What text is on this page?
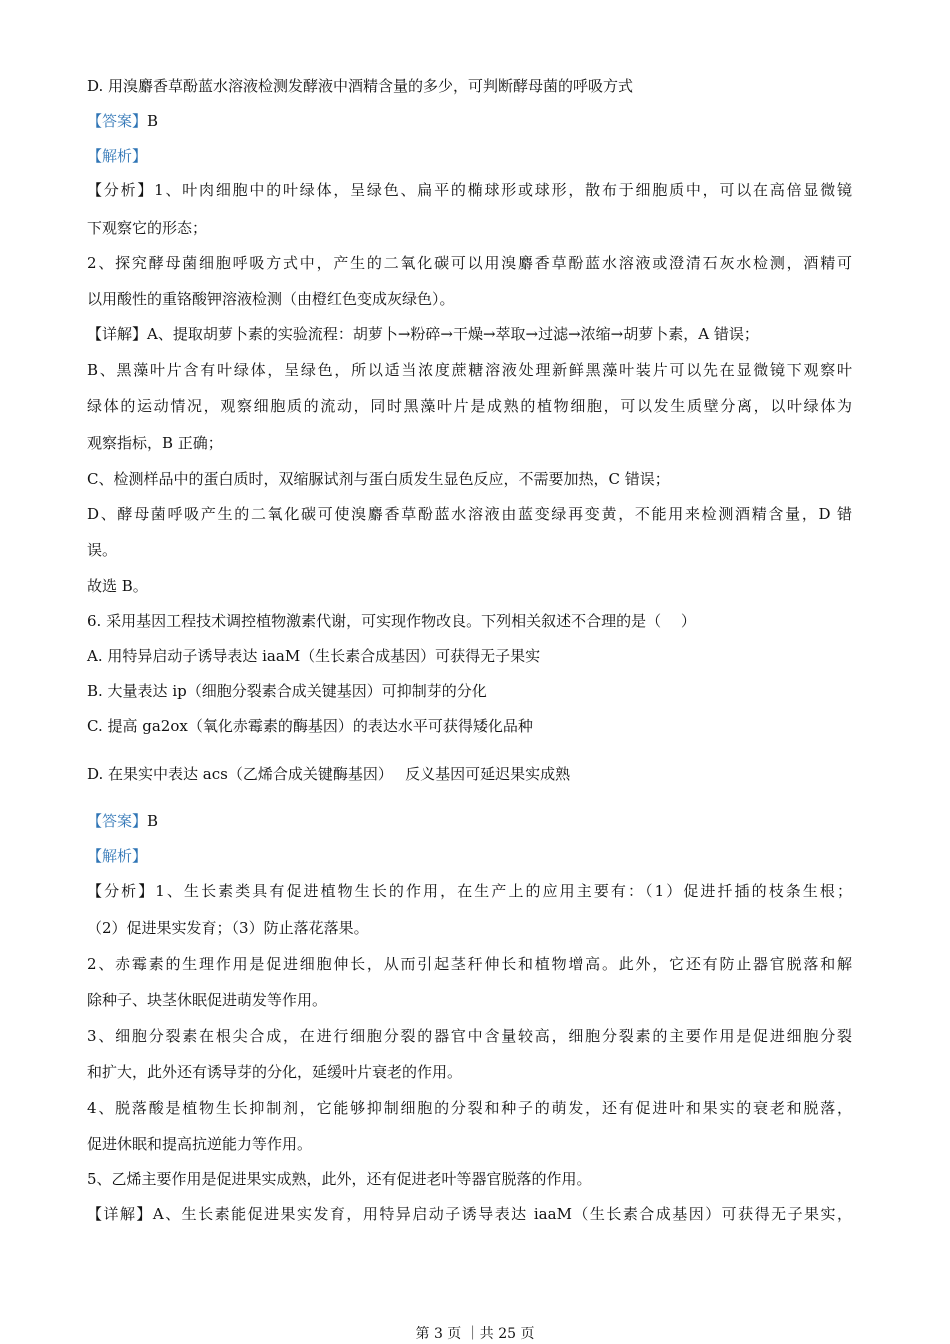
D. 用溴麝香草酚蓝水溶液检测发酵液中酒精含量的多少，可判断酵母菌的呼吸方式
【答案】B
【解析】
【分析】1、叶肉细胞中的叶绿体，呈绿色、扁平的椭球形或球形，散布于细胞质中，可以在高倍显微镜
下观察它的形态；
2、探究酵母菌细胞呼吸方式中，产生的二氧化碳可以用溴麝香草酚蓝水溶液或澄清石灰水检测，酒精可
以用酸性的重铬酸钾溶液检测（由橙红色变成灰绿色）。
【详解】A、提取胡萝卜素的实验流程：胡萝卜→粉碎→干燥→萃取→过滤→浓缩→胡萝卜素，A 错误；
B、黑藻叶片含有叶绿体，呈绿色，所以适当浓度蔗糖溶液处理新鲜黑藻叶装片可以先在显微镜下观察叶
绿体的运动情况，观察细胞质的流动，同时黑藻叶片是成熟的植物细胞，可以发生质壁分离，以叶绿体为
观察指标，B 正确；
C、检测样品中的蛋白质时，双缩脲试剂与蛋白质发生显色反应，不需要加热，C 错误；
D、酵母菌呼吸产生的二氧化碳可使溴麝香草酚蓝水溶液由蓝变绿再变黄，不能用来检测酒精含量，D 错
误。
故选 B。
6. 采用基因工程技术调控植物激素代谢，可实现作物改良。下列相关叙述不合理的是（　 ）
A. 用特异启动子诱导表达 iaaM（生长素合成基因）可获得无子果实
B. 大量表达 ip（细胞分裂素合成关键基因）可抑制芽的分化
C. 提高 ga2ox（氧化赤霉素的酶基因）的表达水平可获得矮化品种
D. 在果实中表达 acs（乙烯合成关键酶基因）　 反义基因可延迟果实成熟
【答案】B
【解析】
【分析】1、生长素类具有促进植物生长的作用，在生产上的应用主要有：（1）促进扦插的枝条生根；
（2）促进果实发育；（3）防止落花落果。
2、赤霉素的生理作用是促进细胞伸长，从而引起茎秆伸长和植物增高。此外，它还有防止器官脱落和解
除种子、块茎休眠促进萌发等作用。
3、细胞分裂素在根尖合成，在进行细胞分裂的器官中含量较高，细胞分裂素的主要作用是促进细胞分裂
和扩大，此外还有诱导芽的分化，延缓叶片衰老的作用。
4、脱落酸是植物生长抑制剂，它能够抑制细胞的分裂和种子的萌发，还有促进叶和果实的衰老和脱落，
促进休眠和提高抗逆能力等作用。
5、乙烯主要作用是促进果实成熟，此外，还有促进老叶等器官脱落的作用。
【详解】A、生长素能促进果实发育，用特异启动子诱导表达 iaaM（生长素合成基因）可获得无子果实，
第 3 页 ｜共 25 页
